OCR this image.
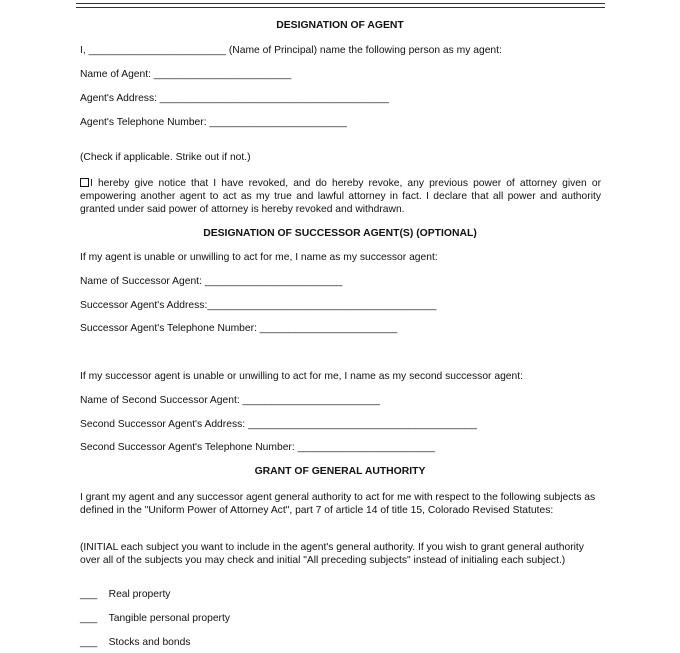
DESIGNATION OF AGENT
I, ________________________ (Name of Principal) name the following person as my agent:
Name of Agent: ________________________
Agent's Address: ________________________________________
Agent's Telephone Number: ________________________
(Check if applicable. Strike out if not.)
I hereby give notice that I have revoked, and do hereby revoke, any previous power of attorney given or empowering another agent to act as my true and lawful attorney in fact. I declare that all power and authority granted under said power of attorney is hereby revoked and withdrawn.
DESIGNATION OF SUCCESSOR AGENT(S) (OPTIONAL)
If my agent is unable or unwilling to act for me, I name as my successor agent:
Name of Successor Agent: ________________________
Successor Agent's Address:________________________________________
Successor Agent's Telephone Number: ________________________
If my successor agent is unable or unwilling to act for me, I name as my second successor agent:
Name of Second Successor Agent: ________________________
Second Successor Agent's Address: ________________________________________
Second Successor Agent's Telephone Number: ________________________
GRANT OF GENERAL AUTHORITY
I grant my agent and any successor agent general authority to act for me with respect to the following subjects as defined in the "Uniform Power of Attorney Act", part 7 of article 14 of title 15, Colorado Revised Statutes:
(INITIAL each subject you want to include in the agent's general authority. If you wish to grant general authority over all of the subjects you may check and initial "All preceding subjects" instead of initialing each subject.)
___ Real property
___ Tangible personal property
___ Stocks and bonds
